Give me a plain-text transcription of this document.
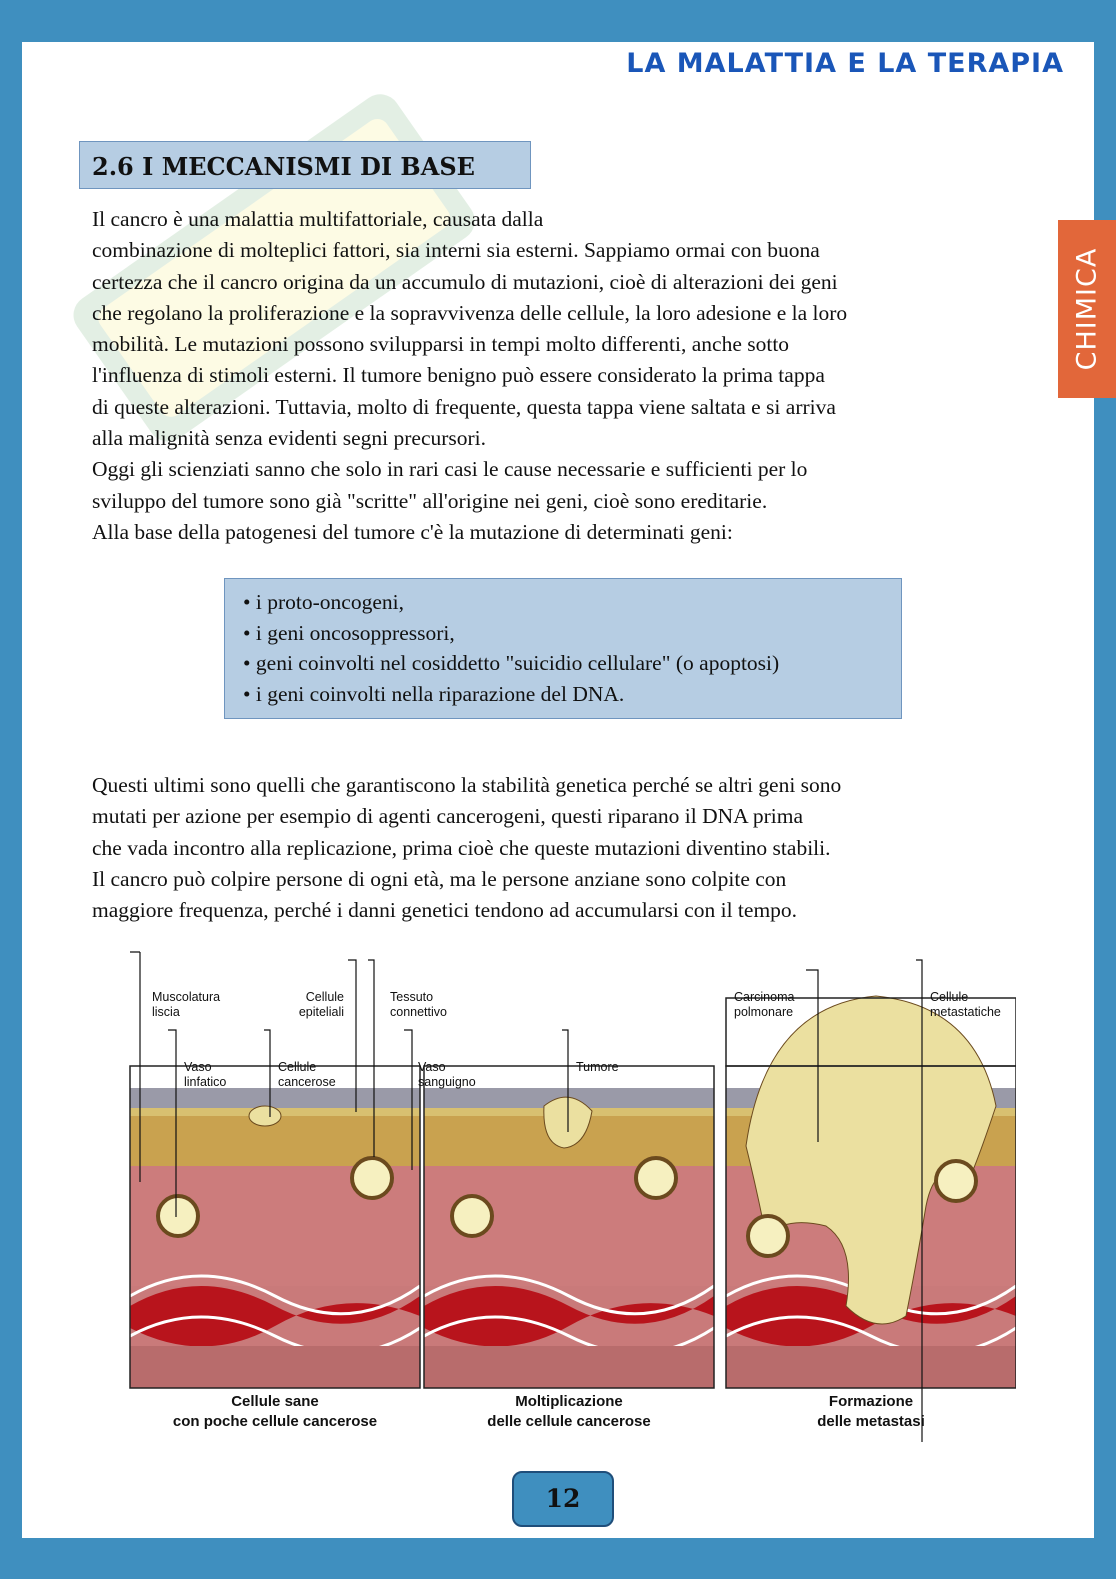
LA MALATTIA E LA TERAPIA
2.6 I MECCANISMI DI BASE

Il cancro è una malattia multifattoriale, causata dalla

combinazione di molteplici fattori, sia interni sia esterni. Sappiamo ormai con buona

certezza che il cancro origina da un accumulo di mutazioni, cioè di alterazioni dei geni

che regolano la proliferazione e la sopravvivenza delle cellule, la loro adesione e la loro

mobilità. Le mutazioni possono svilupparsi in tempi molto differenti, anche sotto

l'influenza di stimoli esterni. Il tumore benigno può essere considerato la prima tappa

di queste alterazioni. Tuttavia, molto di frequente, questa tappa viene saltata e si arriva

alla malignità senza evidenti segni precursori.

Oggi gli scienziati sanno che solo in rari casi le cause necessarie e sufficienti per lo

sviluppo del tumore sono già "scritte" all'origine nei geni, cioè sono ereditarie.

Alla base della patogenesi del tumore c'è la mutazione di determinati geni:

• i proto-oncogeni,
• i geni oncosoppressori,
• geni coinvolti nel cosiddetto "suicidio cellulare" (o apoptosi)
• i geni coinvolti nella riparazione del DNA.

Questi ultimi sono quelli che garantiscono la stabilità genetica perché se altri geni sono

mutati per azione per esempio di agenti cancerogeni, questi riparano il DNA prima

che vada incontro alla replicazione, prima cioè che queste mutazioni diventino stabili.

Il cancro può colpire persone di ogni età, ma le persone anziane sono colpite con

maggiore frequenza, perché i danni genetici tendono ad accumularsi con il tempo.

Muscolatura
liscia
Cellule
epiteliali
Tessuto
connettivo
Vaso
linfatico
Cellule
cancerose
Vaso
sanguigno
Tumore
Carcinoma
polmonare
Cellule
metastatiche
Cellule sane
con poche cellule cancerose
Moltiplicazione
delle cellule cancerose
Formazione
delle metastasi
12
CHIMICA
